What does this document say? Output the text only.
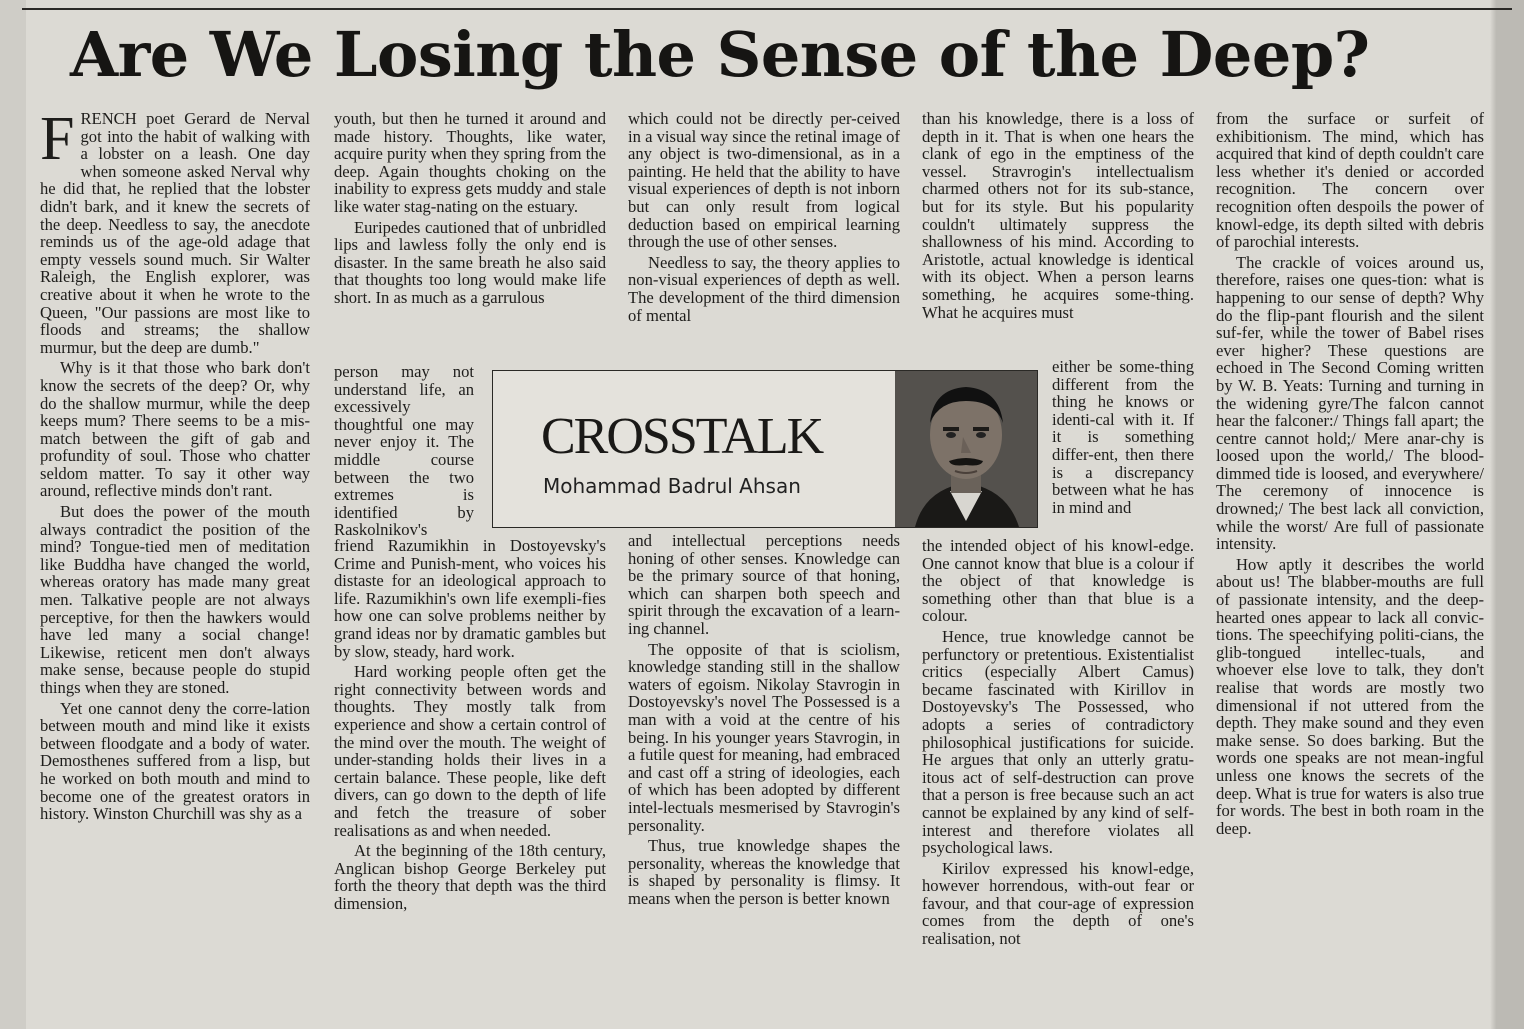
Are We Losing the Sense of the Deep?

FRENCH poet Gerard de Nerval got into the habit of walking with a lobster on a leash. One day when someone asked Nerval why he did that, he replied that the lobster didn't bark, and it knew the secrets of the deep. Needless to say, the anecdote reminds us of the age-old adage that empty vessels sound much. Sir Walter Raleigh, the English explorer, was creative about it when he wrote to the Queen, "Our passions are most like to floods and streams; the shallow murmur, but the deep are dumb."

Why is it that those who bark don't know the secrets of the deep? Or, why do the shallow murmur, while the deep keeps mum? There seems to be a mis-match between the gift of gab and profundity of soul. Those who chatter seldom matter. To say it other way around, reflective minds don't rant.

But does the power of the mouth always contradict the position of the mind? Tongue-tied men of meditation like Buddha have changed the world, whereas oratory has made many great men. Talkative people are not always perceptive, for then the hawkers would have led many a social change! Likewise, reticent men don't always make sense, because people do stupid things when they are stoned.

Yet one cannot deny the corre-lation between mouth and mind like it exists between floodgate and a body of water. Demosthenes suffered from a lisp, but he worked on both mouth and mind to become one of the greatest orators in history. Winston Churchill was shy as a

youth, but then he turned it around and made history. Thoughts, like water, acquire purity when they spring from the deep. Again thoughts choking on the inability to express gets muddy and stale like water stag-nating on the estuary.

Euripedes cautioned that of unbridled lips and lawless folly the only end is disaster. In the same breath he also said that thoughts too long would make life short. In as much as a garrulous

person may not understand life, an excessively thoughtful one may never enjoy it. The middle course between the two extremes is identified by Raskolnikov's

friend Razumikhin in Dostoyevsky's Crime and Punish-ment, who voices his distaste for an ideological approach to life. Razumikhin's own life exempli-fies how one can solve problems neither by grand ideas nor by dramatic gambles but by slow, steady, hard work.

Hard working people often get the right connectivity between words and thoughts. They mostly talk from experience and show a certain control of the mind over the mouth. The weight of under-standing holds their lives in a certain balance. These people, like deft divers, can go down to the depth of life and fetch the treasure of sober realisations as and when needed.

At the beginning of the 18th century, Anglican bishop George Berkeley put forth the theory that depth was the third dimension,

which could not be directly per-ceived in a visual way since the retinal image of any object is two-dimensional, as in a painting. He held that the ability to have visual experiences of depth is not inborn but can only result from logical deduction based on empirical learning through the use of other senses.

Needless to say, the theory applies to non-visual experiences of depth as well. The development of the third dimension of mental

and intellectual perceptions needs honing of other senses. Knowledge can be the primary source of that honing, which can sharpen both speech and spirit through the excavation of a learn-ing channel.

The opposite of that is sciolism, knowledge standing still in the shallow waters of egoism. Nikolay Stavrogin in Dostoyevsky's novel The Possessed is a man with a void at the centre of his being. In his younger years Stavrogin, in a futile quest for meaning, had embraced and cast off a string of ideologies, each of which has been adopted by different intel-lectuals mesmerised by Stavrogin's personality.

Thus, true knowledge shapes the personality, whereas the knowledge that is shaped by personality is flimsy. It means when the person is better known

than his knowledge, there is a loss of depth in it. That is when one hears the clank of ego in the emptiness of the vessel. Stravrogin's intellectualism charmed others not for its sub-stance, but for its style. But his popularity couldn't ultimately suppress the shallowness of his mind. According to Aristotle, actual knowledge is identical with its object. When a person learns something, he acquires some-thing. What he acquires must

either be some-thing different from the thing he knows or identi-cal with it. If it is something differ-ent, then there is a discrepancy between what he has in mind and

the intended object of his knowl-edge. One cannot know that blue is a colour if the object of that knowledge is something other than that blue is a colour.

Hence, true knowledge cannot be perfunctory or pretentious. Existentialist critics (especially Albert Camus) became fascinated with Kirillov in Dostoyevsky's The Possessed, who adopts a series of contradictory philosophical justifications for suicide. He argues that only an utterly gratu-itous act of self-destruction can prove that a person is free because such an act cannot be explained by any kind of self-interest and therefore violates all psychological laws.

Kirilov expressed his knowl-edge, however horrendous, with-out fear or favour, and that cour-age of expression comes from the depth of one's realisation, not

from the surface or surfeit of exhibitionism. The mind, which has acquired that kind of depth couldn't care less whether it's denied or accorded recognition. The concern over recognition often despoils the power of knowl-edge, its depth silted with debris of parochial interests.

The crackle of voices around us, therefore, raises one ques-tion: what is happening to our sense of depth? Why do the flip-pant flourish and the silent suf-fer, while the tower of Babel rises ever higher? These questions are echoed in The Second Coming written by W. B. Yeats: Turning and turning in the widening gyre/The falcon cannot hear the falconer:/ Things fall apart; the centre cannot hold;/ Mere anar-chy is loosed upon the world,/ The blood-dimmed tide is loosed, and everywhere/ The ceremony of innocence is drowned;/ The best lack all conviction, while the worst/ Are full of passionate intensity.

How aptly it describes the world about us! The blabber-mouths are full of passionate intensity, and the deep-hearted ones appear to lack all convic-tions. The speechifying politi-cians, the glib-tongued intellec-tuals, and whoever else love to talk, they don't realise that words are mostly two dimensional if not uttered from the depth. They make sound and they even make sense. So does barking. But the words one speaks are not mean-ingful unless one knows the secrets of the deep. What is true for waters is also true for words. The best in both roam in the deep.

CROSSTALK
Mohammad Badrul Ahsan
